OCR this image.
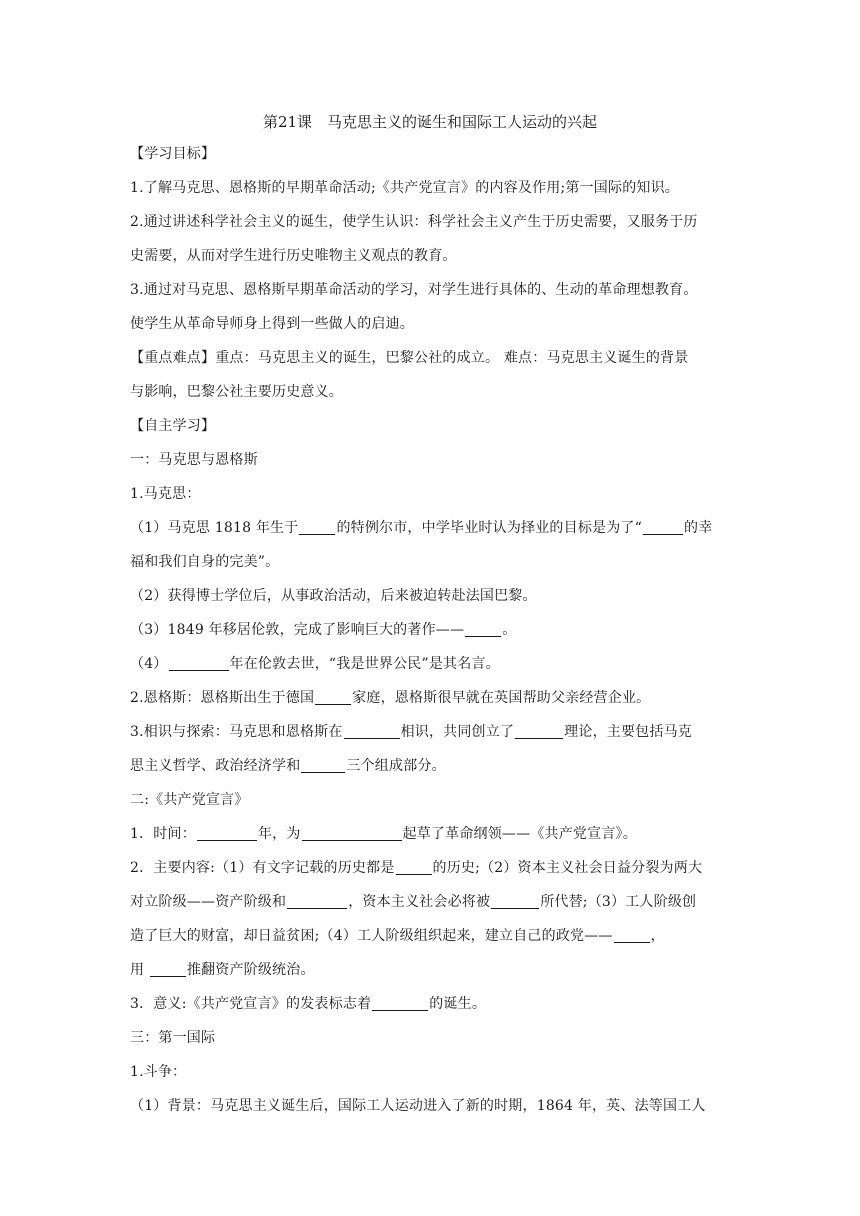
第21课　马克思主义的诞生和国际工人运动的兴起

【学习目标】

1.了解马克思、恩格斯的早期革命活动;《共产党宣言》的内容及作用;第一国际的知识。

2.通过讲述科学社会主义的诞生，使学生认识：科学社会主义产生于历史需要，又服务于历

史需要，从而对学生进行历史唯物主义观点的教育。

3.通过对马克思、恩格斯早期革命活动的学习，对学生进行具体的、生动的革命理想教育。

使学生从革命导师身上得到一些做人的启迪。

【重点难点】重点：马克思主义的诞生，巴黎公社的成立。 难点：马克思主义诞生的背景

与影响，巴黎公社主要历史意义。

【自主学习】

一：马克思与恩格斯

1.马克思：

（1）马克思 1818 年生于	的特例尔市，中学毕业时认为择业的目标是为了“	的幸

福和我们自身的完美”。

（2）获得博士学位后，从事政治活动，后来被迫转赴法国巴黎。

（3）1849 年移居伦敦，完成了影响巨大的著作——	。

（4）	年在伦敦去世，“我是世界公民”是其名言。

2.恩格斯：恩格斯出生于德国	家庭，恩格斯很早就在英国帮助父亲经营企业。

3.相识与探索：马克思和恩格斯在	相识，共同创立了	理论，主要包括马克

思主义哲学、政治经济学和	三个组成部分。

二:《共产党宣言》

1．时间：	年，为	起草了革命纲领——《共产党宣言》。

2．主要内容:（1）有文字记载的历史都是	的历史;（2）资本主义社会日益分裂为两大

对立阶级——资产阶级和	，资本主义社会必将被	所代替;（3）工人阶级创

造了巨大的财富，却日益贫困;（4）工人阶级组织起来，建立自己的政党——	，

用	推翻资产阶级统治。

3．意义:《共产党宣言》的发表标志着	的诞生。

三：第一国际

1.斗争：

（1）背景：马克思主义诞生后，国际工人运动进入了新的时期，1864 年，英、法等国工人
